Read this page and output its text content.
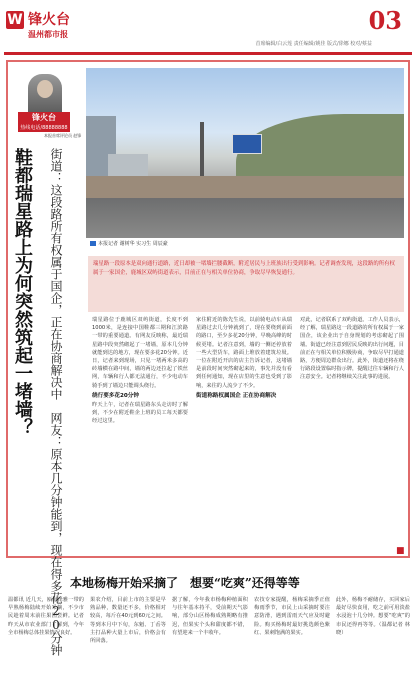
W 锋火台
温州都市报	03
首席编辑/白云莲 责任编辑/姚佳 版式/徐娜 校对/蔡益
锋火台
热线电话/88888888
本报首席评论员 赵锋
鞋都瑞星路上为何突然筑起一堵墙？ 街道：这段路所有权属于国企，正在协商解决中　网友：原本几分钟能到，现在得多花20分钟	本报记者 谢树华 实习生 周辰豪
瑞星路一段原本是双向通行道路，近日却被一堵墙拦腰截断，附近居民与上班族出行受到影响。记者调查发现，这段路的所有权属于一家国企，鹿城区双屿街道表示，目前正在与相关单位协商，争取尽早恢复通行。
瑞星路位于鹿城区双屿街道，长度不到1000米，是连接中国鞋都三期和江滨路一带的重要通道。有网友反映称，最近瑞星路中段突然砌起了一堵墙，原本几分钟就能到达的地方，现在要多花20分钟。近日，记者来到现场，只见一堵两米多高的砖墙横在路中间，墙的两边还拉起了铁丝网，车辆和行人都无法通行，不少电动车骑手到了墙边只能调头绕行。
绕行要多花20分钟
昨天上午，记者在瑞星路东头走访时了解到，不少在附近鞋企上班的员工每天都要经过这里。
家住附近的陈先生说，以前骑电动车从瑞星路过去几分钟就到了，现在要绕到前面的路口，至少多花20分钟，早晚高峰的时候更堵。记者注意到，墙的一侧还停放着一些大型货车，路面上堆放着建筑垃圾。一位在附近开店的店主告诉记者，这堵墙是前段时间突然砌起来的，事先并没有看到任何通知，现在店里的生意也受到了影响，来往的人流少了不少。
街道称路权属国企 正在协商解决
对此，记者联系了双屿街道。工作人员表示，经了解，瑞星路这一段道路的所有权属于一家国企，该企业出于自身规划的考虑砌起了围墙。街道已经注意到居民反映的出行问题，目前正在与相关单位积极协商，争取尽早打通道路，方便周边群众出行。此外，街道还将在绕行路段设置临时指示牌，提醒过往车辆和行人注意安全。记者将继续关注此事的进展。
■
本地杨梅开始采摘了　想要“吃爽”还得等等
温都讯 近几天，瓯海泽雅一带的早熟杨梅陆续开始采摘，不少市民趁着周末前往果园尝鲜。记者昨天从市农业部门了解到，今年全市杨梅总体挂果情况良好。
果农介绍，目前上市的主要是早熟品种，数量还不多，价格相对较高，每斤在40元到60元之间。等到本月中下旬，东魁、丁岙等主打品种大量上市后，价格会有所回落。
据了解，今年我市杨梅种植面积与往年基本持平，受前期天气影响，部分山区杨梅成熟期略有推迟，但果实个头和甜度都不错，有望迎来一个丰收年。
农技专家提醒，杨梅采摘季正值梅雨季节，市民上山采摘时要注意防滑，遇到雷雨天气应及时避险。购买杨梅时最好挑选颜色紫红、果刺饱满的果实。
此外，杨梅不耐储存，买回家后最好尽快食用，吃之前可用淡盐水浸泡十几分钟。想要“吃爽”的市民还得再等等。（温都记者 林晓）
